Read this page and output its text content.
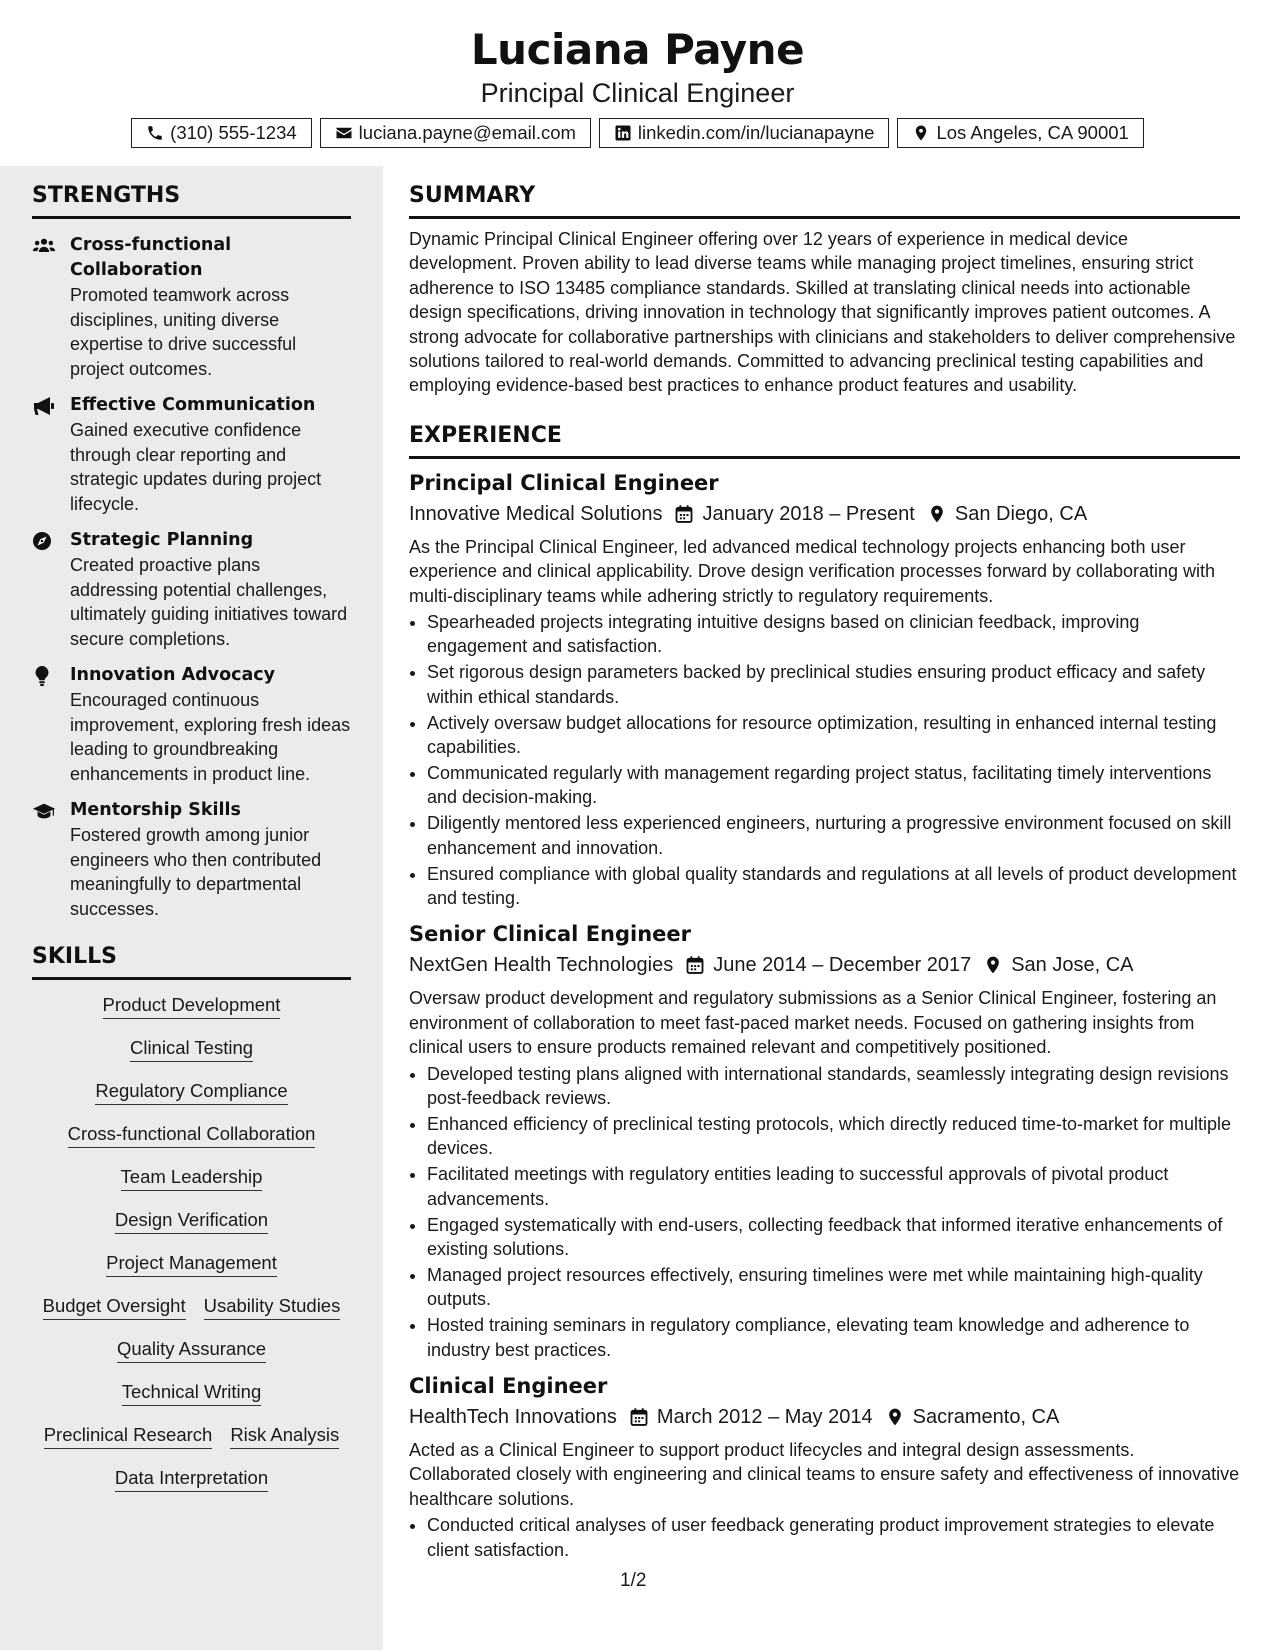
Luciana Payne
Principal Clinical Engineer
(310) 555-1234	luciana.payne@email.com	linkedin.com/in/lucianapayne	Los Angeles, CA 90001
STRENGTHS
Cross-functional Collaboration
Promoted teamwork across disciplines, uniting diverse expertise to drive successful project outcomes.
Effective Communication
Gained executive confidence through clear reporting and strategic updates during project lifecycle.
Strategic Planning
Created proactive plans addressing potential challenges, ultimately guiding initiatives toward secure completions.
Innovation Advocacy
Encouraged continuous improvement, exploring fresh ideas leading to groundbreaking enhancements in product line.
Mentorship Skills
Fostered growth among junior engineers who then contributed meaningfully to departmental successes.
SKILLS
Product Development
Clinical Testing
Regulatory Compliance
Cross-functional Collaboration
Team Leadership
Design Verification
Project Management
Budget Oversight Usability Studies
Quality Assurance
Technical Writing
Preclinical Research Risk Analysis
Data Interpretation
SUMMARY
Dynamic Principal Clinical Engineer offering over 12 years of experience in medical device development. Proven ability to lead diverse teams while managing project timelines, ensuring strict adherence to ISO 13485 compliance standards. Skilled at translating clinical needs into actionable design specifications, driving innovation in technology that significantly improves patient outcomes. A strong advocate for collaborative partnerships with clinicians and stakeholders to deliver comprehensive solutions tailored to real-world demands. Committed to advancing preclinical testing capabilities and employing evidence-based best practices to enhance product features and usability.
EXPERIENCE
Principal Clinical Engineer
Innovative Medical Solutions January 2018 – Present San Diego, CA
As the Principal Clinical Engineer, led advanced medical technology projects enhancing both user experience and clinical applicability. Drove design verification processes forward by collaborating with multi-disciplinary teams while adhering strictly to regulatory requirements.
• Spearheaded projects integrating intuitive designs based on clinician feedback, improving engagement and satisfaction.
• Set rigorous design parameters backed by preclinical studies ensuring product efficacy and safety within ethical standards.
• Actively oversaw budget allocations for resource optimization, resulting in enhanced internal testing capabilities.
• Communicated regularly with management regarding project status, facilitating timely interventions and decision-making.
• Diligently mentored less experienced engineers, nurturing a progressive environment focused on skill enhancement and innovation.
• Ensured compliance with global quality standards and regulations at all levels of product development and testing.
Senior Clinical Engineer
NextGen Health Technologies June 2014 – December 2017 San Jose, CA
Oversaw product development and regulatory submissions as a Senior Clinical Engineer, fostering an environment of collaboration to meet fast-paced market needs. Focused on gathering insights from clinical users to ensure products remained relevant and competitively positioned.
• Developed testing plans aligned with international standards, seamlessly integrating design revisions post-feedback reviews.
• Enhanced efficiency of preclinical testing protocols, which directly reduced time-to-market for multiple devices.
• Facilitated meetings with regulatory entities leading to successful approvals of pivotal product advancements.
• Engaged systematically with end-users, collecting feedback that informed iterative enhancements of existing solutions.
• Managed project resources effectively, ensuring timelines were met while maintaining high-quality outputs.
• Hosted training seminars in regulatory compliance, elevating team knowledge and adherence to industry best practices.
Clinical Engineer
HealthTech Innovations March 2012 – May 2014 Sacramento, CA
Acted as a Clinical Engineer to support product lifecycles and integral design assessments. Collaborated closely with engineering and clinical teams to ensure safety and effectiveness of innovative healthcare solutions.
• Conducted critical analyses of user feedback generating product improvement strategies to elevate client satisfaction.
1/2
